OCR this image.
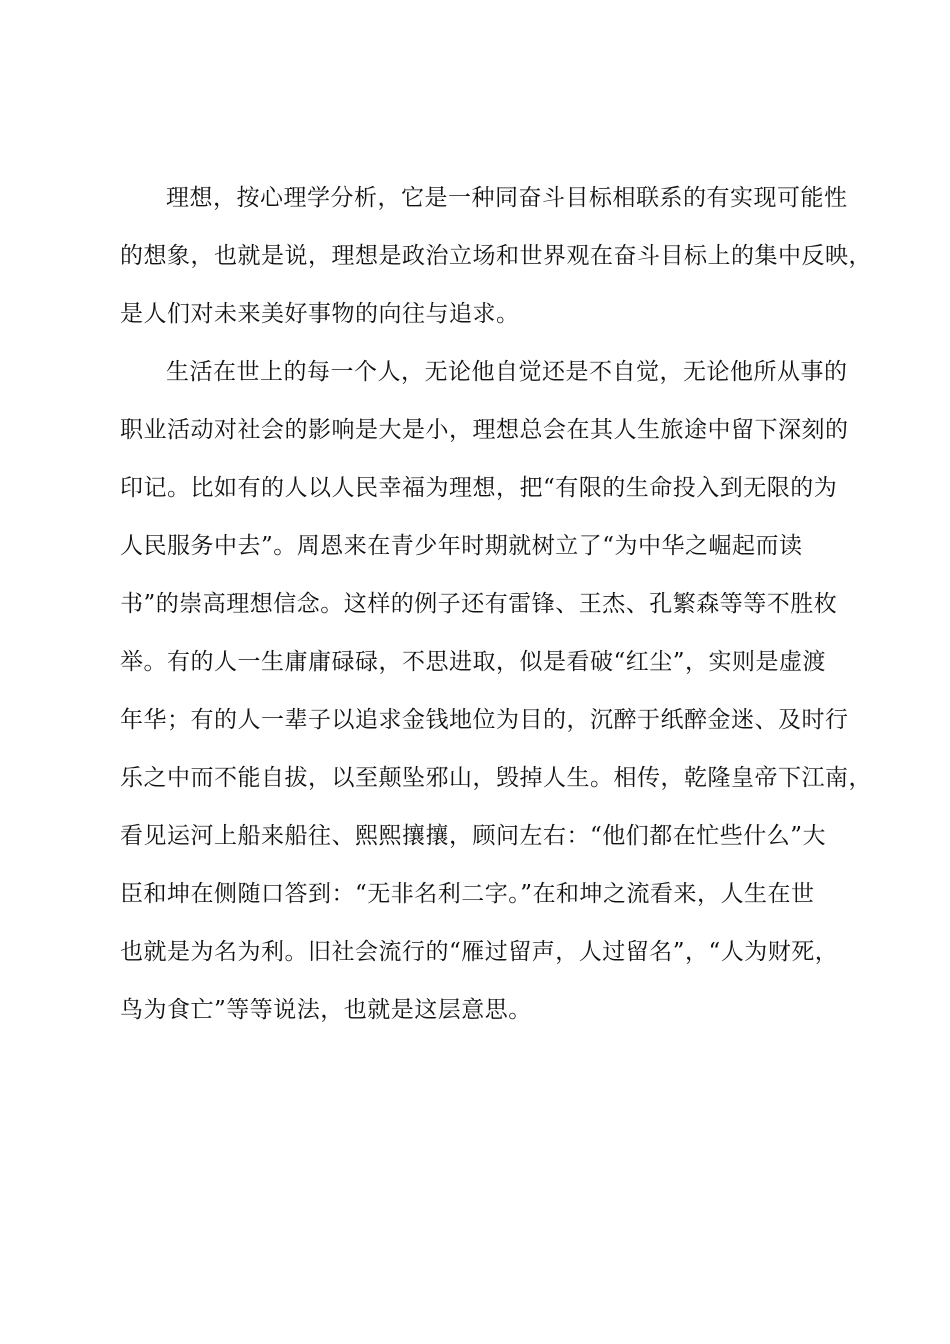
理想，按心理学分析，它是一种同奋斗目标相联系的有实现可能性
的想象，也就是说，理想是政治立场和世界观在奋斗目标上的集中反映，
是人们对未来美好事物的向往与追求。
生活在世上的每一个人，无论他自觉还是不自觉，无论他所从事的
职业活动对社会的影响是大是小，理想总会在其人生旅途中留下深刻的
印记。比如有的人以人民幸福为理想，把“有限的生命投入到无限的为
人民服务中去”。周恩来在青少年时期就树立了“为中华之崛起而读
书”的崇高理想信念。这样的例子还有雷锋、王杰、孔繁森等等不胜枚
举。有的人一生庸庸碌碌，不思进取，似是看破“红尘”，实则是虚渡
年华；有的人一辈子以追求金钱地位为目的，沉醉于纸醉金迷、及时行
乐之中而不能自拔，以至颠坠邪山，毁掉人生。相传，乾隆皇帝下江南，
看见运河上船来船往、熙熙攘攘，顾问左右：“他们都在忙些什么”大
臣和坤在侧随口答到：“无非名利二字。”在和坤之流看来，人生在世
也就是为名为利。旧社会流行的“雁过留声，人过留名”，“人为财死，
鸟为食亡”等等说法，也就是这层意思。
